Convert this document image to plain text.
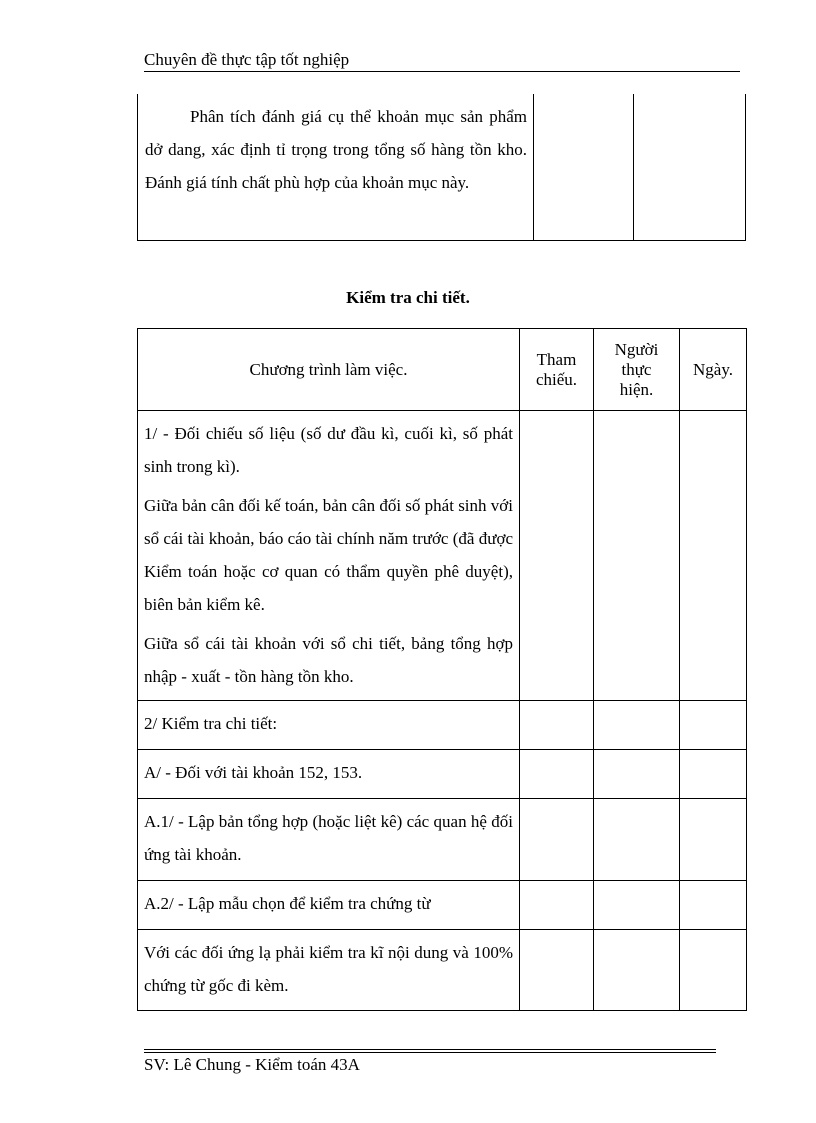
Chuyên đề thực tập tốt nghiệp
Phân tích đánh giá cụ thể khoản mục sản phẩm dở dang, xác định tỉ trọng trong tổng số hàng tồn kho. Đánh giá tính chất phù hợp của khoản mục này.
Kiểm tra chi tiết.
Chương trình làm việc.	Tham chiếu.	Người thực hiện.	Ngày.

1/ - Đối chiếu số liệu (số dư đầu kì, cuối kì, số phát sinh trong kì).

Giữa bản cân đối kế toán, bản cân đối số phát sinh với sổ cái tài khoản, báo cáo tài chính năm trước (đã được Kiểm toán hoặc cơ quan có thẩm quyền phê duyệt), biên bản kiểm kê.

Giữa sổ cái tài khoản với sổ chi tiết, bảng tổng hợp nhập - xuất - tồn hàng tồn kho.			

2/ Kiểm tra chi tiết:			

A/ - Đối với tài khoản 152, 153.			

A.1/ - Lập bản tổng hợp (hoặc liệt kê) các quan hệ đối ứng tài khoản.			

A.2/ - Lập mẫu chọn để kiểm tra chứng từ			

Với các đối ứng lạ phải kiểm tra kĩ nội dung và 100% chứng từ gốc đi kèm.			

SV: Lê Chung - Kiểm toán 43A
